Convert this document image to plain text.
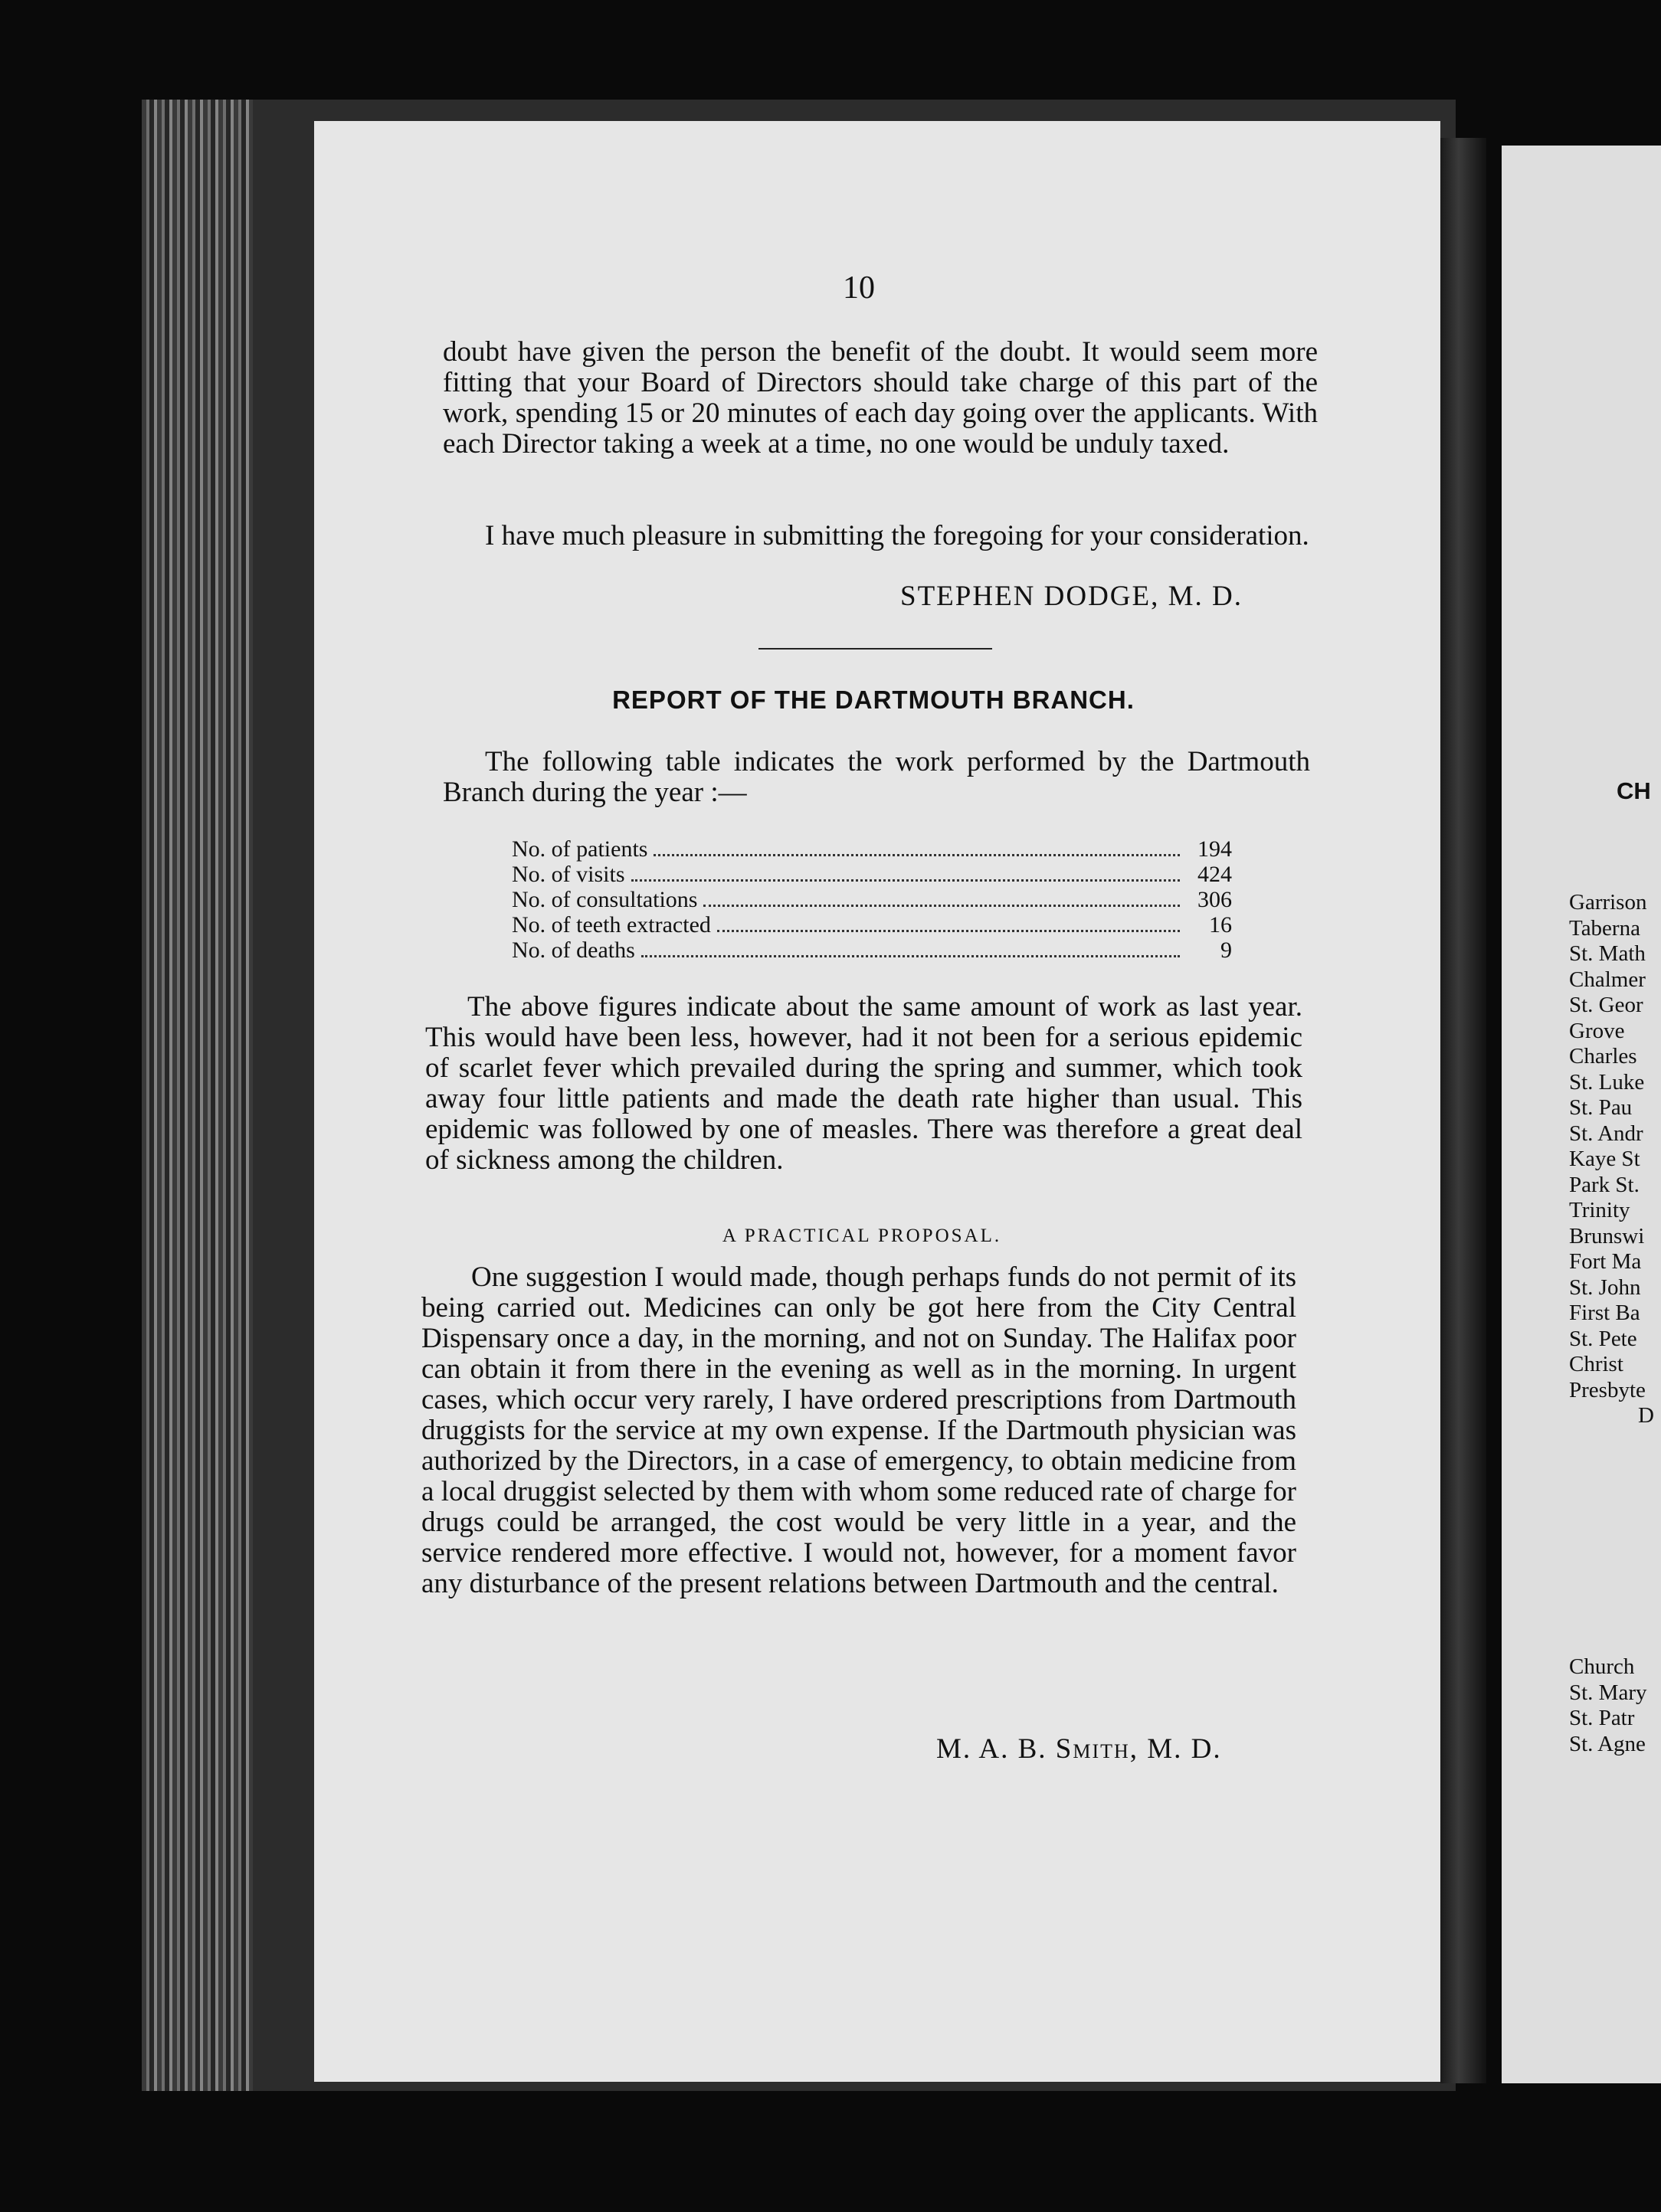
10

doubt have given the person the benefit of the doubt. It would seem more fitting that your Board of Directors should take charge of this part of the work, spending 15 or 20 minutes of each day going over the applicants. With each Director taking a week at a time, no one would be unduly taxed.

I have much pleasure in submitting the foregoing for your consideration.

STEPHEN DODGE, M. D.
REPORT OF THE DARTMOUTH BRANCH.

The following table indicates the work performed by the Dartmouth Branch during the year :—

No. of patients	194
No. of visits	424
No. of consultations	306
No. of teeth extracted	16
No. of deaths	9

The above figures indicate about the same amount of work as last year. This would have been less, however, had it not been for a serious epidemic of scarlet fever which prevailed during the spring and summer, which took away four little patients and made the death rate higher than usual. This epidemic was followed by one of measles. There was therefore a great deal of sickness among the children.

A PRACTICAL PROPOSAL.

One suggestion I would made, though perhaps funds do not permit of its being carried out. Medicines can only be got here from the City Central Dispensary once a day, in the morning, and not on Sunday. The Halifax poor can obtain it from there in the evening as well as in the morning. In urgent cases, which occur very rarely, I have ordered prescriptions from Dartmouth druggists for the service at my own expense. If the Dartmouth physician was authorized by the Directors, in a case of emergency, to obtain medicine from a local druggist selected by them with whom some reduced rate of charge for drugs could be arranged, the cost would be very little in a year, and the service rendered more effective. I would not, however, for a moment favor any disturbance of the present relations between Dartmouth and the central.

M. A. B. Smith, M. D.
CH
Garrison
Taberna
St. Math
Chalmer
St. Geor
Grove
Charles
St. Luke
St. Pau
St. Andr
Kaye St
Park St.
Trinity
Brunswi
Fort Ma
St. John
First Ba
St. Pete
Christ
Presbyte
D
Church
St. Mary
St. Patr
St. Agne
